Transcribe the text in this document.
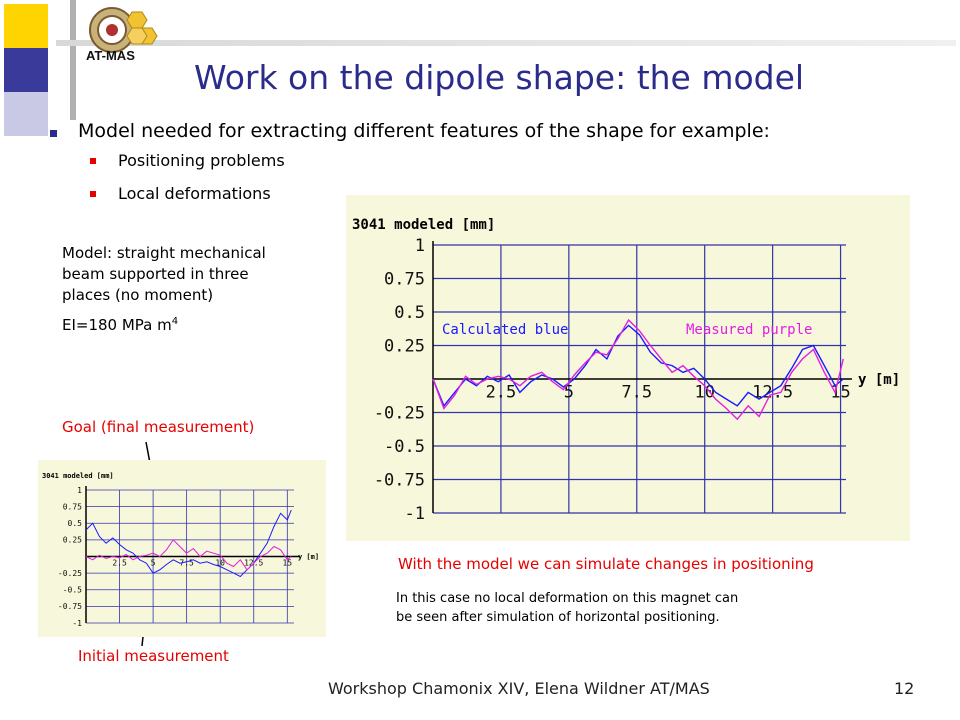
AT-MAS
Work on the dipole shape: the model
Model needed for extracting different features of the shape for example:
Positioning problems
Local deformations
Model: straight mechanical
beam supported in three
places (no moment)
EI=180 MPa $m^4$
Goal (final measurement)
Initial measurement
With the model we can simulate changes in positioning
In this case no local deformation on this magnet can
be seen after simulation of horizontal positioning.
1
0.75
0.5
0.25
-0.25
-0.5
-0.75
-1
2.5	5	7.5 10 12.5 15
3041 modeled [mm]
y [m]
Calculated blue	Measured purple
1
0.75
0.5
0.25
-0.25
-0.5
-0.75
-1
2.5	5	7.5	10 12.5 15
3041 modeled [mm]
y [m]
Workshop Chamonix XIV, Elena Wildner AT/MAS	12
